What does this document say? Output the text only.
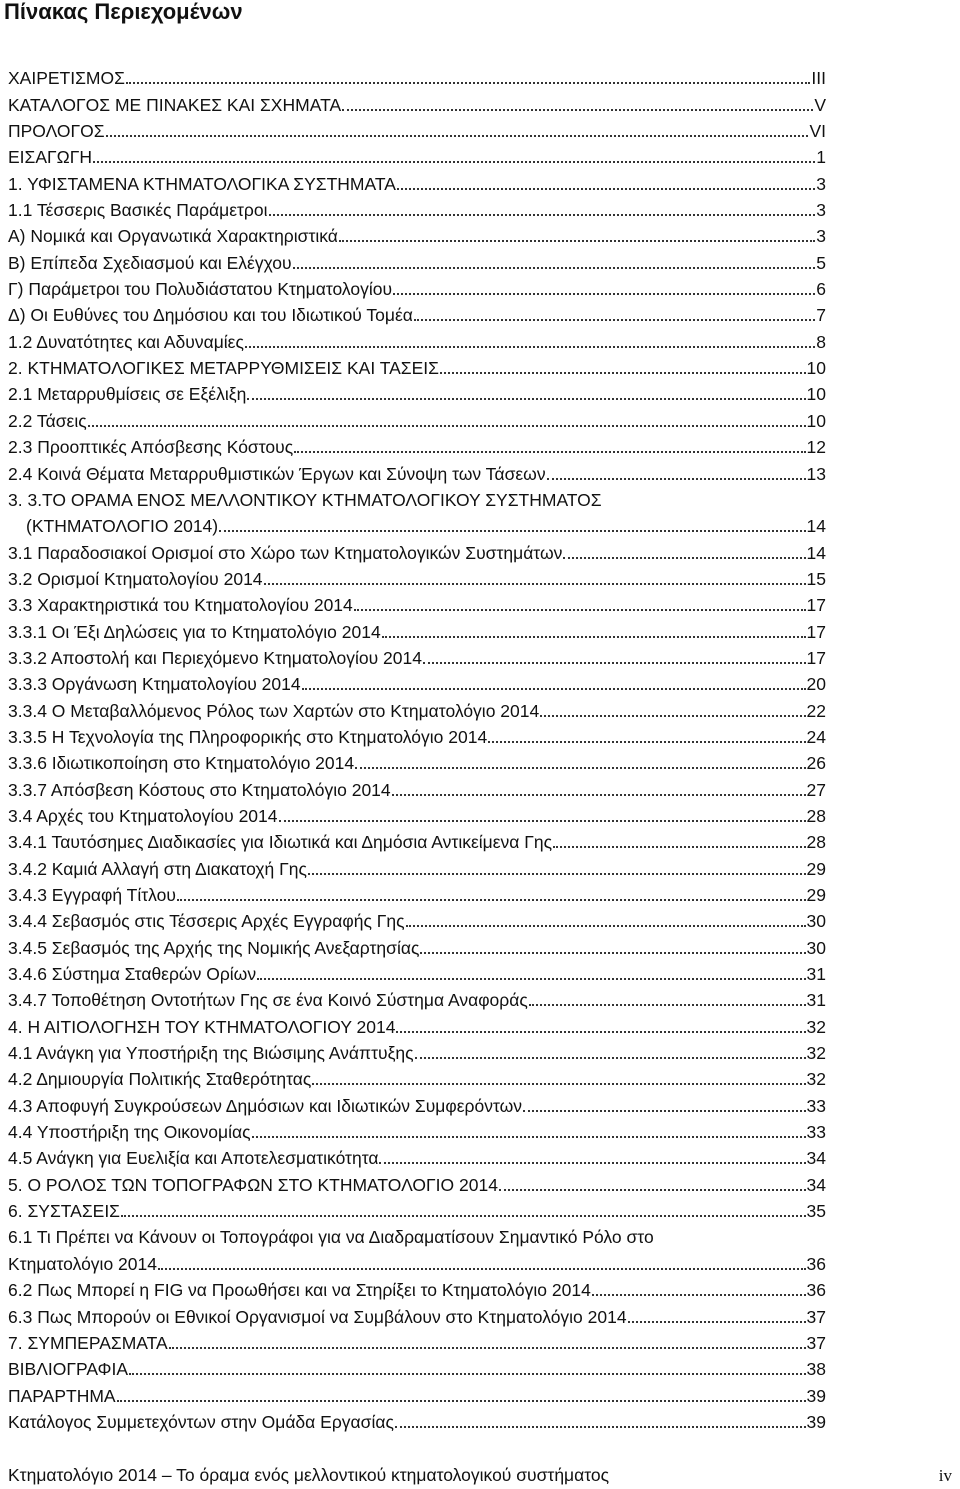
Πίνακας Περιεχομένων
ΧΑΙΡΕΤΙΣΜΟΣ	III
ΚΑΤΑΛΟΓΟΣ ΜΕ ΠΙΝΑΚΕΣ ΚΑΙ ΣΧΗΜΑΤΑ	V
ΠΡΟΛΟΓΟΣ	VI
ΕΙΣΑΓΩΓΗ	1
1. ΥΦΙΣΤΑΜΕΝΑ ΚΤΗΜΑΤΟΛΟΓΙΚΑ ΣΥΣΤΗΜΑΤΑ	3
1.1 Τέσσερις Βασικές Παράμετροι	3
Α) Νομικά και Οργανωτικά Χαρακτηριστικά	3
Β) Επίπεδα Σχεδιασμού και Ελέγχου	5
Γ) Παράμετροι του Πολυδιάστατου Κτηματολογίου	6
Δ) Οι Ευθύνες του Δημόσιου και του Ιδιωτικού Τομέα	7
1.2 Δυνατότητες και Αδυναμίες	8
2. ΚΤΗΜΑΤΟΛΟΓΙΚΕΣ ΜΕΤΑΡΡΥΘΜΙΣΕΙΣ ΚΑΙ ΤΑΣΕΙΣ	10
2.1 Μεταρρυθμίσεις σε Εξέλιξη	10
2.2 Τάσεις	10
2.3 Προοπτικές Απόσβεσης Κόστους	12
2.4 Κοινά Θέματα Μεταρρυθμιστικών Έργων και Σύνοψη των Τάσεων	13
3. 3.ΤΟ ΟΡΑΜΑ ΕΝΟΣ ΜΕΛΛΟΝΤΙΚΟΥ ΚΤΗΜΑΤΟΛΟΓΙΚΟΥ ΣΥΣΤΗΜΑΤΟΣ
(ΚΤΗΜΑΤΟΛΟΓΙΟ 2014)	14
3.1 Παραδοσιακοί Ορισμοί στο Χώρο των Κτηματολογικών Συστημάτων	14
3.2 Ορισμοί Κτηματολογίου 2014	15
3.3 Χαρακτηριστικά του Κτηματολογίου 2014	17
3.3.1 Οι Έξι Δηλώσεις για το Κτηματολόγιο 2014	17
3.3.2 Αποστολή και Περιεχόμενο Κτηματολογίου 2014	17
3.3.3 Οργάνωση Κτηματολογίου 2014	20
3.3.4 Ο Μεταβαλλόμενος Ρόλος των Χαρτών στο Κτηματολόγιο 2014	22
3.3.5 Η Τεχνολογία της Πληροφορικής στο Κτηματολόγιο 2014	24
3.3.6 Ιδιωτικοποίηση στο Κτηματολόγιο 2014	26
3.3.7 Απόσβεση Κόστους στο Κτηματολόγιο 2014	27
3.4 Αρχές του Κτηματολογίου 2014	28
3.4.1 Ταυτόσημες Διαδικασίες για Ιδιωτικά και Δημόσια Αντικείμενα Γης	28
3.4.2 Καμιά Αλλαγή στη Διακατοχή Γης	29
3.4.3 Εγγραφή Τίτλου	29
3.4.4 Σεβασμός στις Τέσσερις Αρχές Εγγραφής Γης	30
3.4.5 Σεβασμός της Αρχής της Νομικής Ανεξαρτησίας	30
3.4.6 Σύστημα Σταθερών Ορίων	31
3.4.7 Τοποθέτηση Οντοτήτων Γης σε ένα Κοινό Σύστημα Αναφοράς	31
4. Η ΑΙΤΙΟΛΟΓΗΣΗ ΤΟΥ ΚΤΗΜΑΤΟΛΟΓΙΟΥ 2014	32
4.1 Ανάγκη για Υποστήριξη της Βιώσιμης Ανάπτυξης	32
4.2 Δημιουργία Πολιτικής Σταθερότητας	32
4.3 Αποφυγή Συγκρούσεων Δημόσιων και Ιδιωτικών Συμφερόντων	33
4.4 Υποστήριξη της Οικονομίας	33
4.5 Ανάγκη για Ευελιξία και Αποτελεσματικότητα	34
5. Ο ΡΟΛΟΣ ΤΩΝ ΤΟΠΟΓΡΑΦΩΝ ΣΤΟ ΚΤΗΜΑΤΟΛΟΓΙΟ 2014	34
6. ΣΥΣΤΑΣΕΙΣ	35
6.1 Τι Πρέπει να Κάνουν οι Τοπογράφοι για να Διαδραματίσουν Σημαντικό Ρόλο στο
Κτηματολόγιο 2014	36
6.2 Πως Μπορεί η FIG να Προωθήσει και να Στηρίξει το Κτηματολόγιο 2014	36
6.3 Πως Μπορούν οι Εθνικοί Οργανισμοί να Συμβάλουν στο Κτηματολόγιο 2014	37
7. ΣΥΜΠΕΡΑΣΜΑΤΑ	37
ΒΙΒΛΙΟΓΡΑΦΙΑ	38
ΠΑΡΑΡΤΗΜΑ	39
Κατάλογος Συμμετεχόντων στην Ομάδα Εργασίας	39
Κτηματολόγιο 2014 – Το όραμα ενός μελλοντικού κτηματολογικού συστήματος	iv
